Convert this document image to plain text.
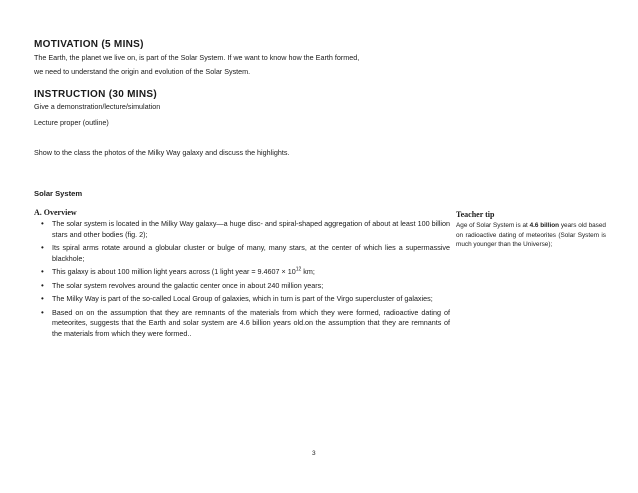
MOTIVATION (5 MINS)
The Earth, the planet we live on, is part of the Solar System. If we want to know how the Earth formed,
we need to understand the origin and evolution of the Solar System.
INSTRUCTION (30 MINS)
Give a demonstration/lecture/simulation
Lecture proper (outline)
Show to the class the photos of the Milky Way galaxy and discuss the highlights.
Solar System
A. Overview
• The solar system is located in the Milky Way galaxy—a huge disc- and spiral-shaped aggregation of about at least 100 billion stars and other bodies (fig. 2);
• Its spiral arms rotate around a globular cluster or bulge of many, many stars, at the center of which lies a supermassive blackhole;
• This galaxy is about 100 million light years across (1 light year = $9.4607 \times 10^{12}$ km;
• The solar system revolves around the galactic center once in about 240 million years;
• The Milky Way is part of the so-called Local Group of galaxies, which in turn is part of the Virgo supercluster of galaxies;
• Based on on the assumption that they are remnants of the materials from which they were formed, radioactive dating of meteorites, suggests that the Earth and solar system are 4.6 billion years old.on the assumption that they are remnants of the materials from which they were formed..
Teacher tip
Age of Solar System is at 4.6 billion years old based on radioactive dating of meteorites (Solar System is much younger than the Universe);
3
